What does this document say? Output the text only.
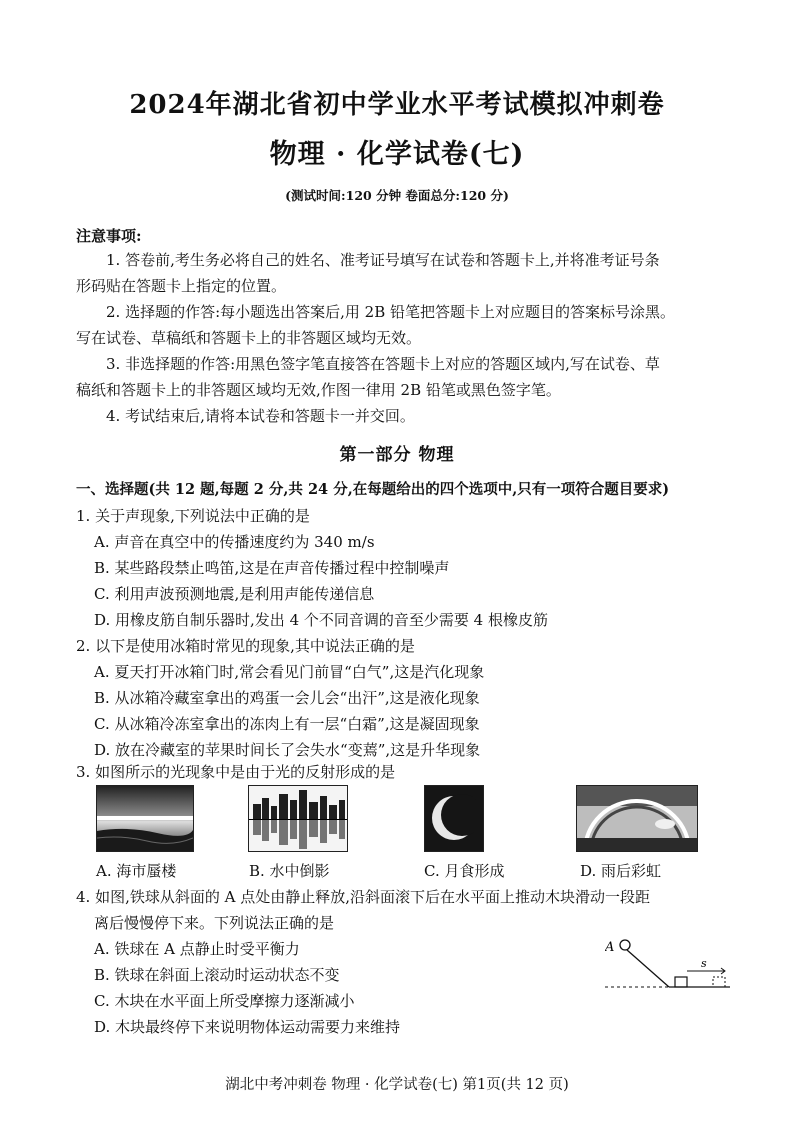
2024年湖北省初中学业水平考试模拟冲刺卷
物理 · 化学试卷(七)
(测试时间:120 分钟 卷面总分:120 分)
注意事项:
1. 答卷前,考生务必将自己的姓名、准考证号填写在试卷和答题卡上,并将准考证号条
形码贴在答题卡上指定的位置。
2. 选择题的作答:每小题选出答案后,用 2B 铅笔把答题卡上对应题目的答案标号涂黑。
写在试卷、草稿纸和答题卡上的非答题区域均无效。
3. 非选择题的作答:用黑色签字笔直接答在答题卡上对应的答题区域内,写在试卷、草
稿纸和答题卡上的非答题区域均无效,作图一律用 2B 铅笔或黑色签字笔。
4. 考试结束后,请将本试卷和答题卡一并交回。
第一部分 物理
一、选择题(共 12 题,每题 2 分,共 24 分,在每题给出的四个选项中,只有一项符合题目要求)
1. 关于声现象,下列说法中正确的是
A. 声音在真空中的传播速度约为 340 m/s
B. 某些路段禁止鸣笛,这是在声音传播过程中控制噪声
C. 利用声波预测地震,是利用声能传递信息
D. 用橡皮筋自制乐器时,发出 4 个不同音调的音至少需要 4 根橡皮筋
2. 以下是使用冰箱时常见的现象,其中说法正确的是
A. 夏天打开冰箱门时,常会看见门前冒“白气”,这是汽化现象
B. 从冰箱冷藏室拿出的鸡蛋一会儿会“出汗”,这是液化现象
C. 从冰箱冷冻室拿出的冻肉上有一层“白霜”,这是凝固现象
D. 放在冷藏室的苹果时间长了会失水“变蔫”,这是升华现象
3. 如图所示的光现象中是由于光的反射形成的是
A. 海市蜃楼	B. 水中倒影	C. 月食形成	D. 雨后彩虹
4. 如图,铁球从斜面的 A 点处由静止释放,沿斜面滚下后在水平面上推动木块滑动一段距
离后慢慢停下来。下列说法正确的是
A. 铁球在 A 点静止时受平衡力
B. 铁球在斜面上滚动时运动状态不变
C. 木块在水平面上所受摩擦力逐渐减小
D. 木块最终停下来说明物体运动需要力来维持
A
s
湖北中考冲刺卷 物理 · 化学试卷(七) 第1页(共 12 页)
